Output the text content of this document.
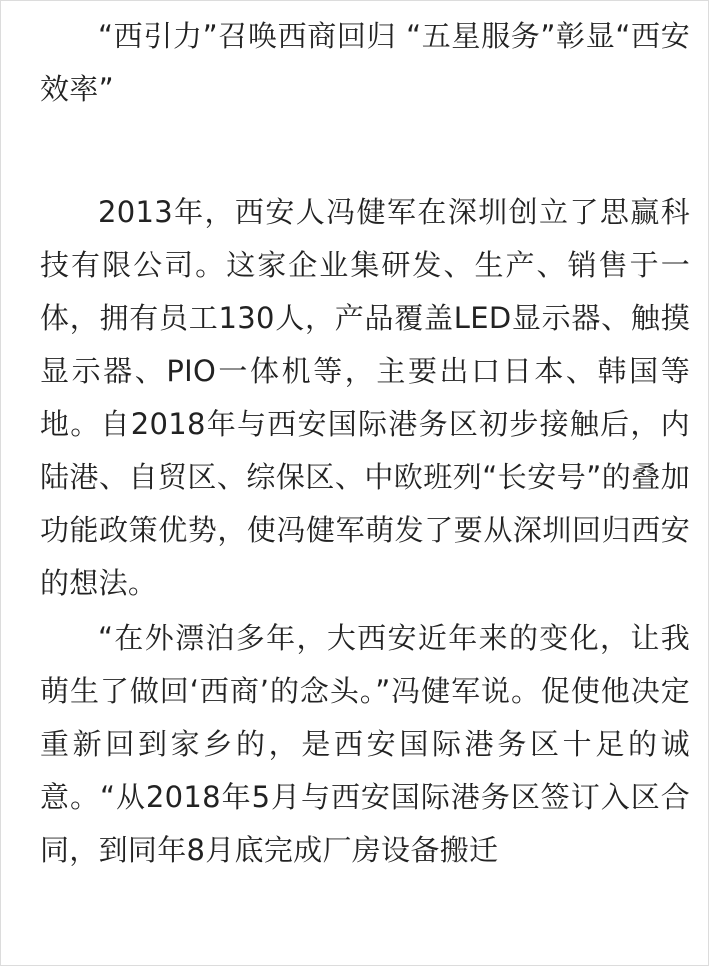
“西引力”召唤西商回归 “五星服务”彰显“西安效率”

2013年，西安人冯健军在深圳创立了思赢科技有限公司。这家企业集研发、生产、销售于一体，拥有员工130人，产品覆盖LED显示器、触摸显示器、PIO一体机等，主要出口日本、韩国等地。自2018年与西安国际港务区初步接触后，内陆港、自贸区、综保区、中欧班列“长安号”的叠加功能政策优势，使冯健军萌发了要从深圳回归西安的想法。

“在外漂泊多年，大西安近年来的变化，让我萌生了做回‘西商’的念头。”冯健军说。促使他决定重新回到家乡的，是西安国际港务区十足的诚意。“从2018年5月与西安国际港务区签订入区合同，到同年8月底完成厂房设备搬迁
